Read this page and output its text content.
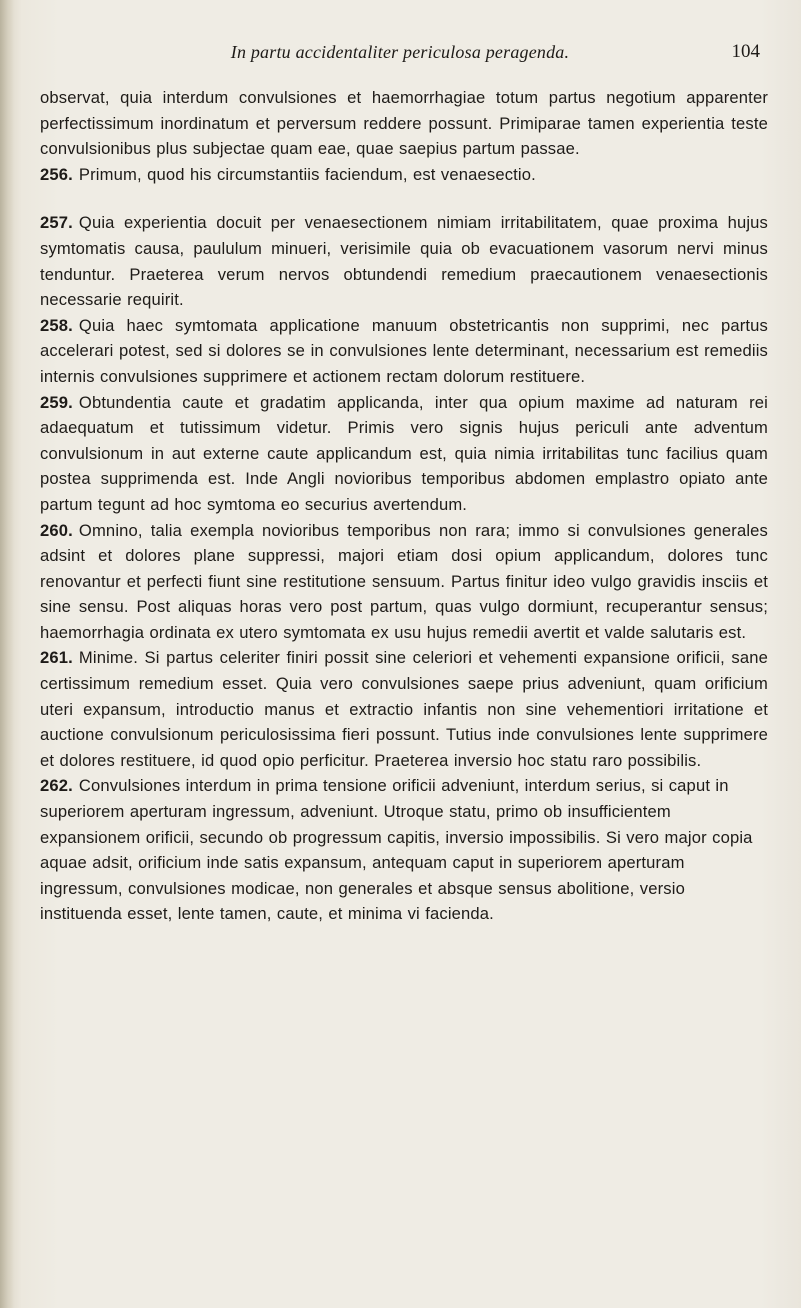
In partu accidentaliter periculosa peragenda.	104

observat, quia interdum convulsiones et haemorrhagiae totum partus negotium apparenter perfectissimum inordinatum et perversum reddere possunt. Primiparae tamen experientia teste convulsionibus plus subjectae quam eae, quae saepius partum passae.

256. Primum, quod his circumstantiis faciendum, est venaesectio.

257. Quia experientia docuit per venaesectionem nimiam irritabilitatem, quae proxima hujus symtomatis causa, paululum minueri, verisimile quia ob evacuationem vasorum nervi minus tenduntur. Praeterea verum nervos obtundendi remedium praecautionem venaesectionis necessarie requirit.

258. Quia haec symtomata applicatione manuum obstetricantis non supprimi, nec partus accelerari potest, sed si dolores se in convulsiones lente determinant, necessarium est remediis internis convulsiones supprimere et actionem rectam dolorum restituere.

259. Obtundentia caute et gradatim applicanda, inter qua opium maxime ad naturam rei adaequatum et tutissimum videtur. Primis vero signis hujus periculi ante adventum convulsionum in aut externe caute applicandum est, quia nimia irritabilitas tunc facilius quam postea supprimenda est. Inde Angli novioribus temporibus abdomen emplastro opiato ante partum tegunt ad hoc symtoma eo securius avertendum.

260. Omnino, talia exempla novioribus temporibus non rara; immo si convulsiones generales adsint et dolores plane suppressi, majori etiam dosi opium applicandum, dolores tunc renovantur et perfecti fiunt sine restitutione sensuum. Partus finitur ideo vulgo gravidis insciis et sine sensu. Post aliquas horas vero post partum, quas vulgo dormiunt, recuperantur sensus; haemorrhagia ordinata ex utero symtomata ex usu hujus remedii avertit et valde salutaris est.

261. Minime. Si partus celeriter finiri possit sine celeriori et vehementi expansione orificii, sane certissimum remedium esset. Quia vero convulsiones saepe prius adveniunt, quam orificium uteri expansum, introductio manus et extractio infantis non sine vehementiori irritatione et auctione convulsionum periculosissima fieri possunt. Tutius inde convulsiones lente supprimere et dolores restituere, id quod opio perficitur. Praeterea inversio hoc statu raro possibilis.

262. Convulsiones interdum in prima tensione orificii adveniunt, interdum serius, si caput in superiorem aperturam ingressum, adveniunt. Utroque statu, primo ob insufficientem expansionem orificii, secundo ob progressum capitis, inversio impossibilis. Si vero major copia aquae adsit, orificium inde satis expansum, antequam caput in superiorem aperturam ingressum, convulsiones modicae, non generales et absque sensus abolitione, versio instituenda esset, lente tamen, caute, et minima vi facienda.
